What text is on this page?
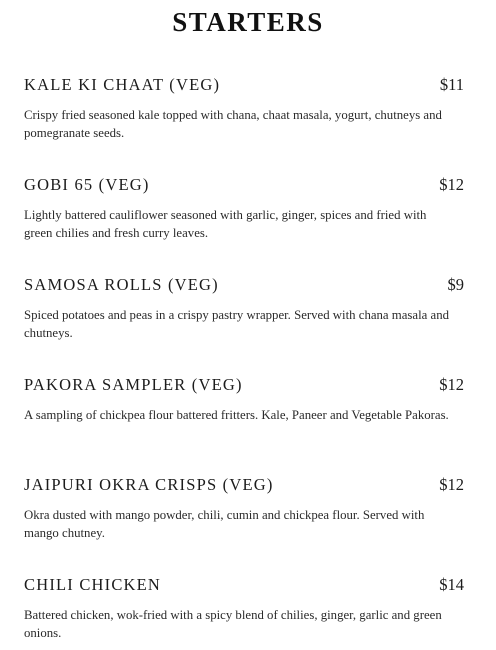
STARTERS
KALE KI CHAAT (VEG)	$11
Crispy fried seasoned kale topped with chana, chaat masala, yogurt, chutneys and pomegranate seeds.
GOBI 65 (VEG)	$12
Lightly battered cauliflower seasoned with garlic, ginger, spices and fried with green chilies and fresh curry leaves.
SAMOSA ROLLS (VEG)	$9
Spiced potatoes and peas in a crispy pastry wrapper. Served with chana masala and chutneys.
PAKORA SAMPLER (VEG)	$12
A sampling of chickpea flour battered fritters. Kale, Paneer and Vegetable Pakoras.
JAIPURI OKRA CRISPS (VEG)	$12
Okra dusted with mango powder, chili, cumin and chickpea flour. Served with mango chutney.
CHILI CHICKEN	$14
Battered chicken, wok-fried with a spicy blend of chilies, ginger, garlic and green onions.
